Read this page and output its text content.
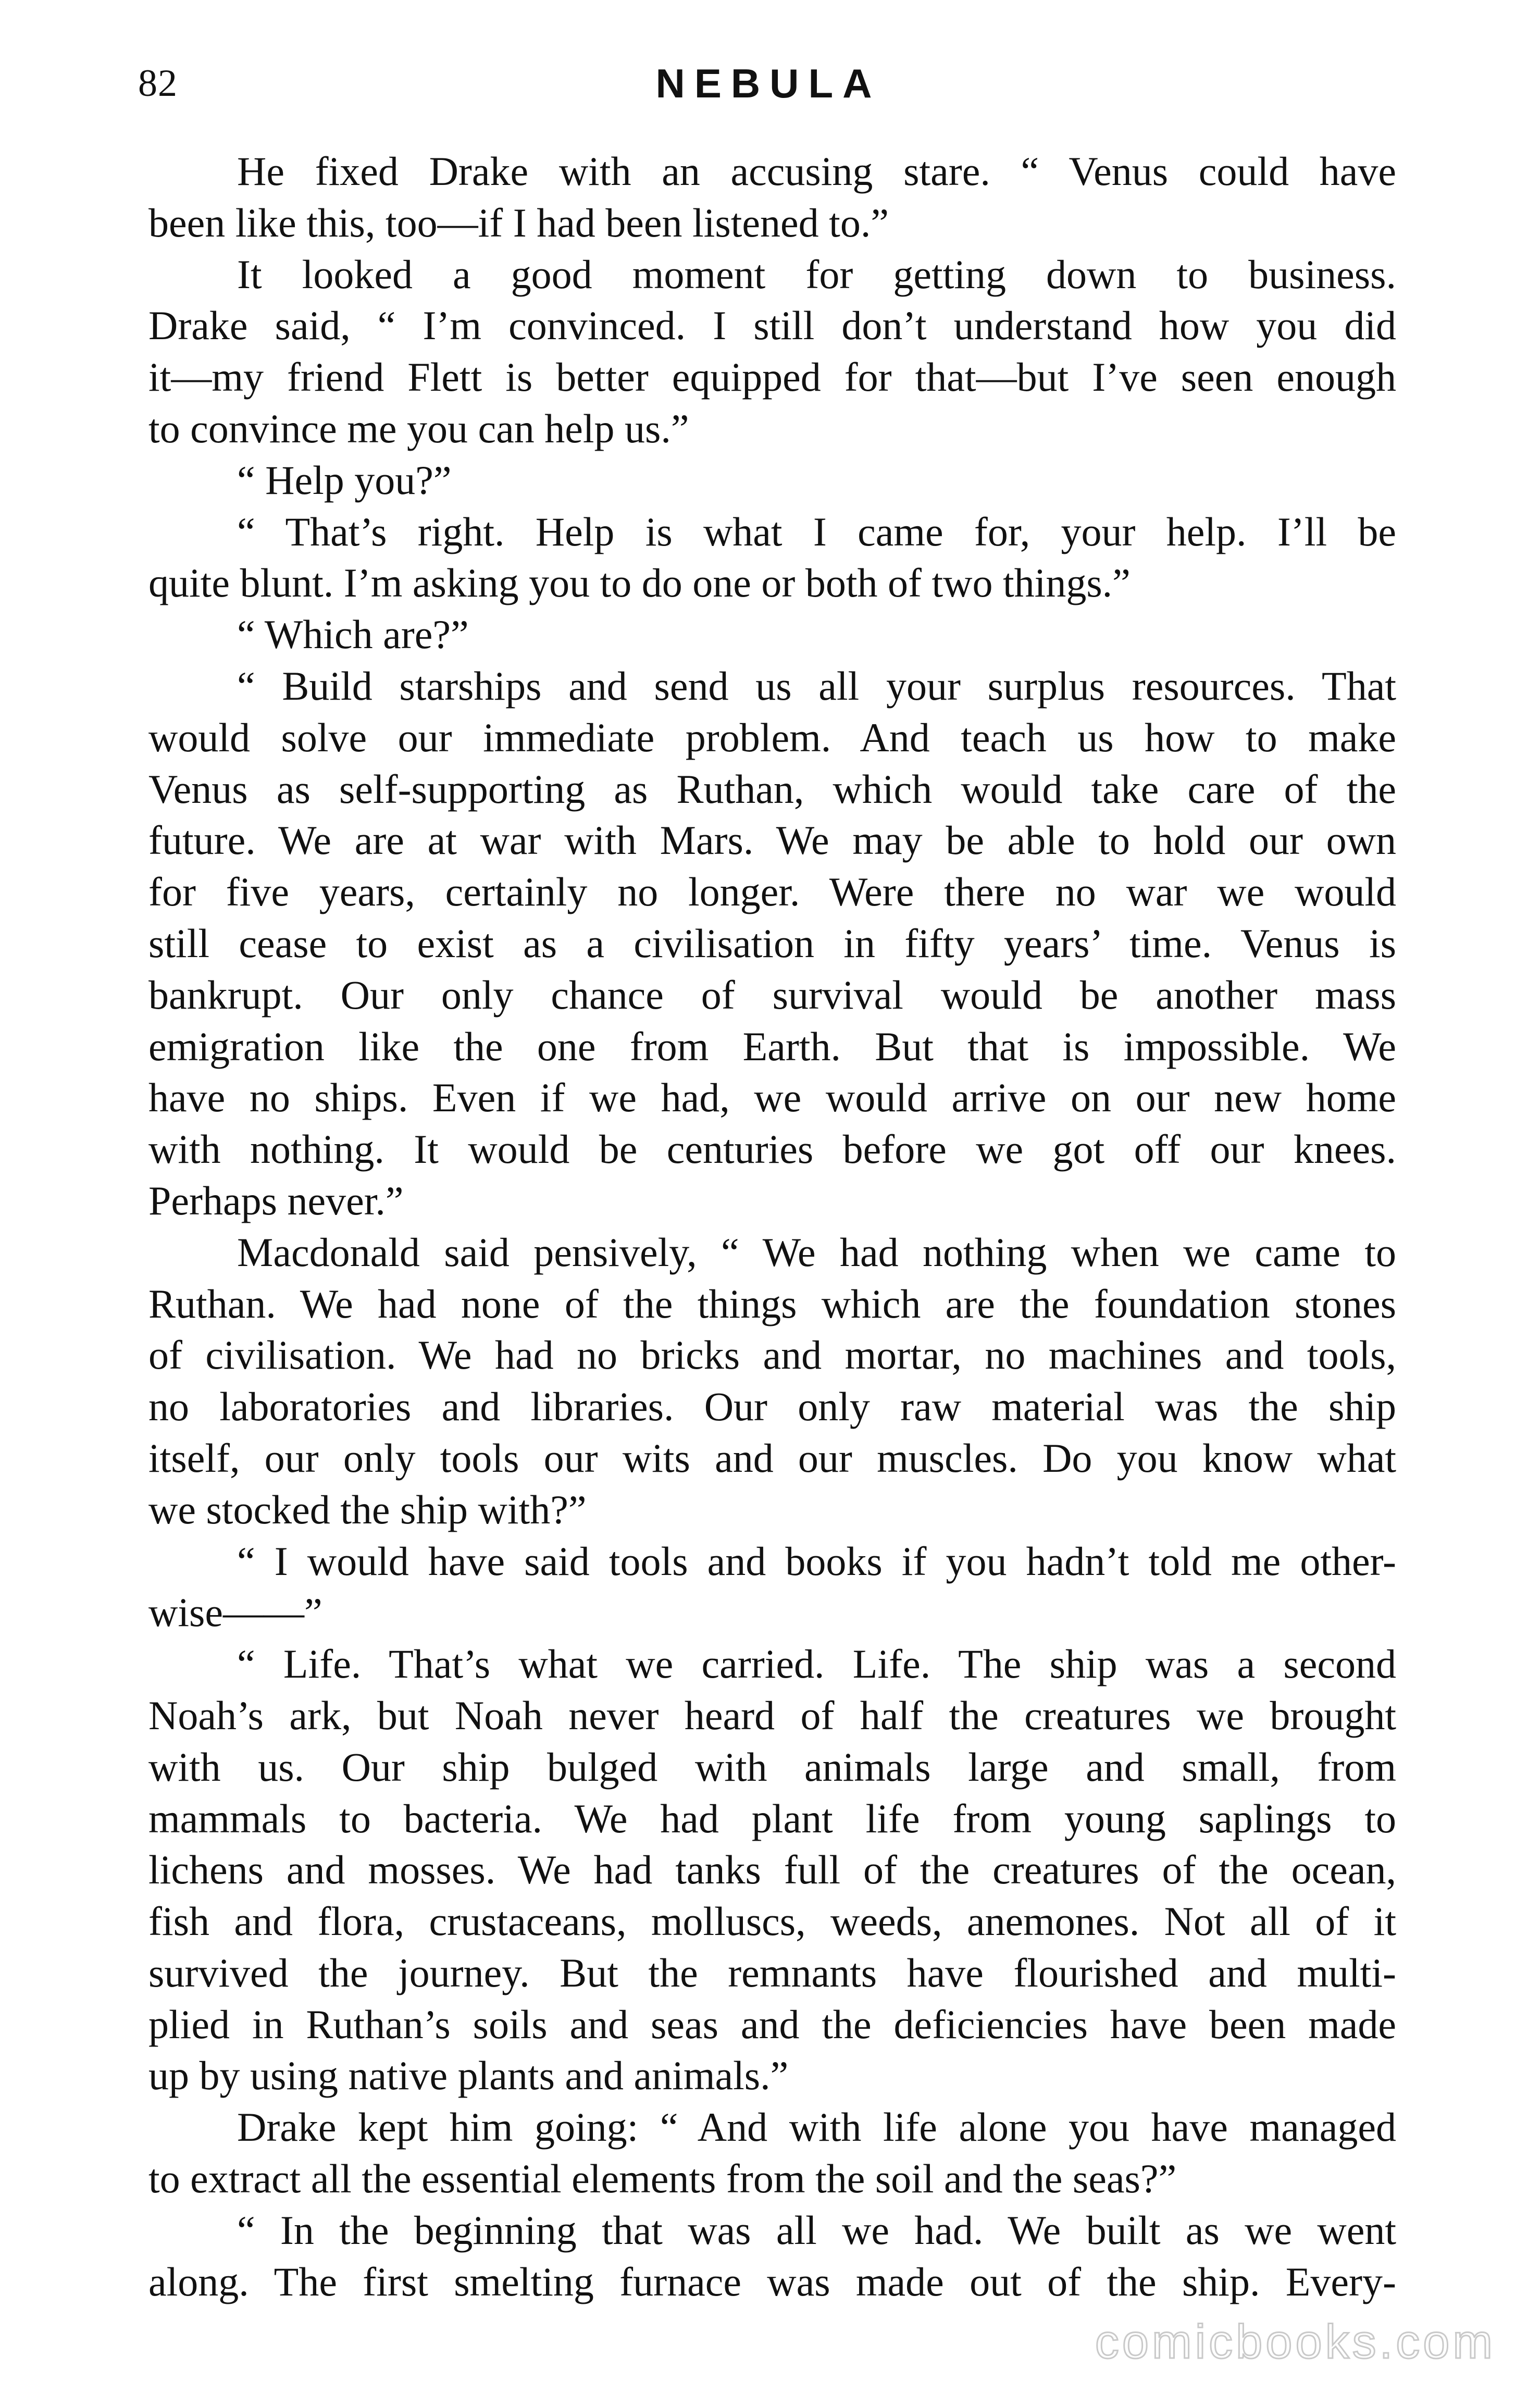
82	NEBULA
He fixed Drake with an accusing stare. “ Venus could have
been like this, too—if I had been listened to.”
It looked a good moment for getting down to business.
Drake said, “ I’m convinced. I still don’t understand how you did
it—my friend Flett is better equipped for that—but I’ve seen enough
to convince me you can help us.”
“ Help you?”
“ That’s right. Help is what I came for, your help. I’ll be
quite blunt. I’m asking you to do one or both of two things.”
“ Which are?”
“ Build starships and send us all your surplus resources. That
would solve our immediate problem. And teach us how to make
Venus as self-supporting as Ruthan, which would take care of the
future. We are at war with Mars. We may be able to hold our own
for five years, certainly no longer. Were there no war we would
still cease to exist as a civilisation in fifty years’ time. Venus is
bankrupt. Our only chance of survival would be another mass
emigration like the one from Earth. But that is impossible. We
have no ships. Even if we had, we would arrive on our new home
with nothing. It would be centuries before we got off our knees.
Perhaps never.”
Macdonald said pensively, “ We had nothing when we came to
Ruthan. We had none of the things which are the foundation stones
of civilisation. We had no bricks and mortar, no machines and tools,
no laboratories and libraries. Our only raw material was the ship
itself, our only tools our wits and our muscles. Do you know what
we stocked the ship with?”
“ I would have said tools and books if you hadn’t told me other-
wise——”
“ Life. That’s what we carried. Life. The ship was a second
Noah’s ark, but Noah never heard of half the creatures we brought
with us. Our ship bulged with animals large and small, from
mammals to bacteria. We had plant life from young saplings to
lichens and mosses. We had tanks full of the creatures of the ocean,
fish and flora, crustaceans, molluscs, weeds, anemones. Not all of it
survived the journey. But the remnants have flourished and multi-
plied in Ruthan’s soils and seas and the deficiencies have been made
up by using native plants and animals.”
Drake kept him going: “ And with life alone you have managed
to extract all the essential elements from the soil and the seas?”
“ In the beginning that was all we had. We built as we went
along. The first smelting furnace was made out of the ship. Every-
comicbooks.com
